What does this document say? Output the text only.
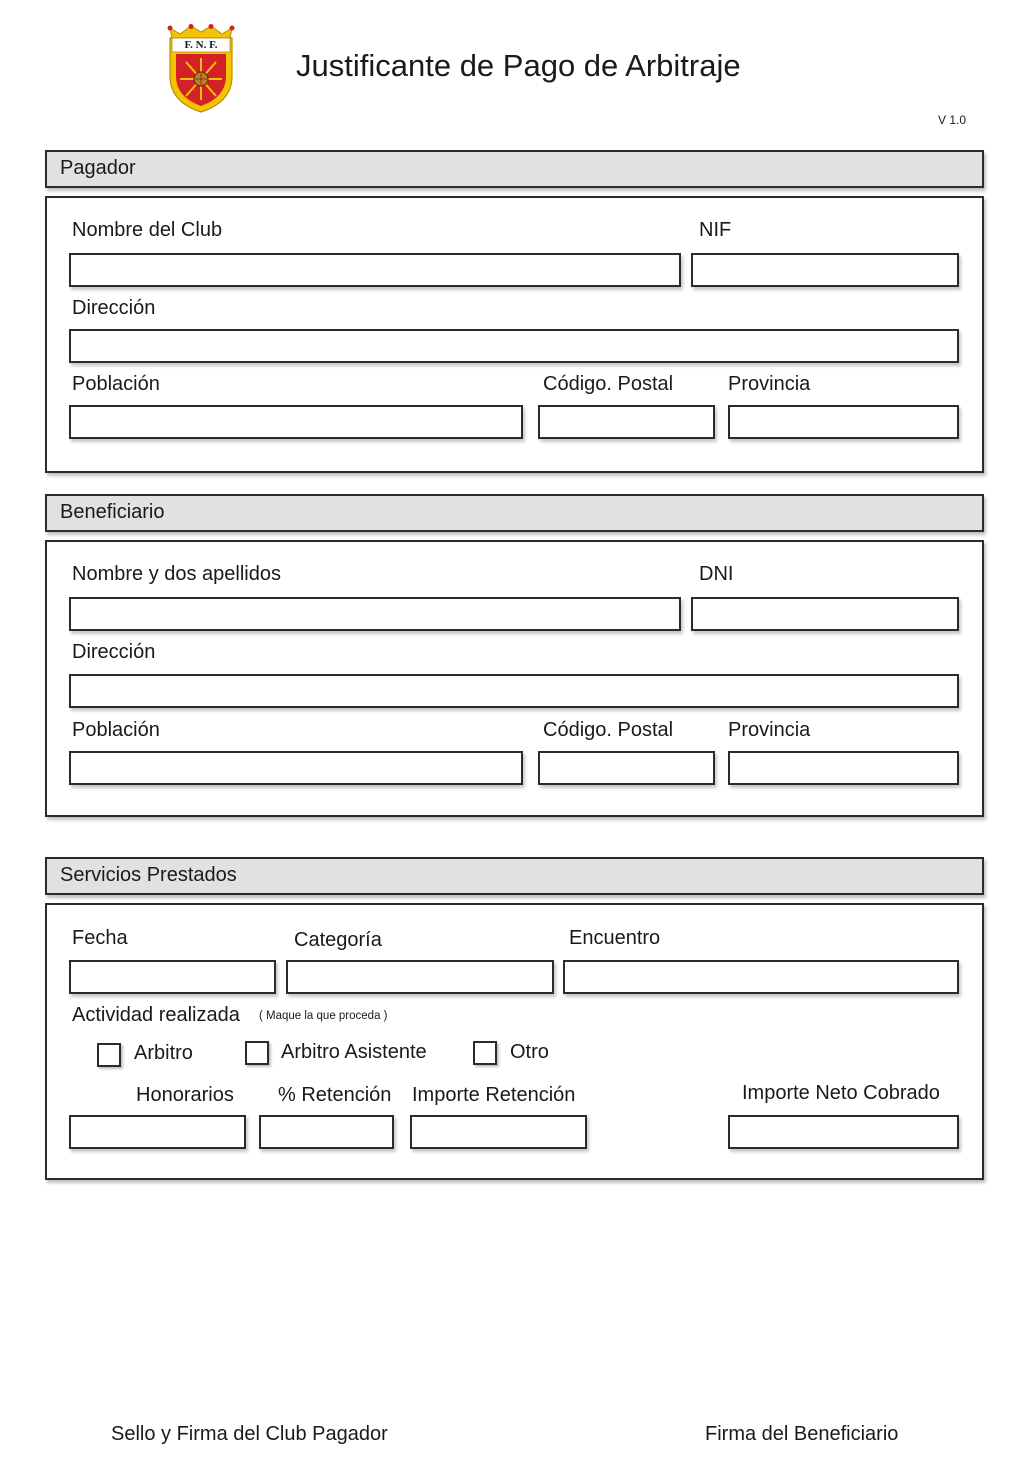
F. N. F.
Justificante de Pago de Arbitraje
V 1.0
Pagador
Nombre del Club	NIF
Dirección
Población	Código. Postal	Provincia
Beneficiario
Nombre y dos apellidos	DNI
Dirección
Población	Código. Postal	Provincia
Servicios Prestados
Fecha	Categoría	Encuentro
Actividad realizada ( Maque la que proceda )
Arbitro	Arbitro Asistente	Otro
Honorarios % Retención Importe Retención	Importe Neto Cobrado
Sello y Firma del Club Pagador	Firma del Beneficiario
